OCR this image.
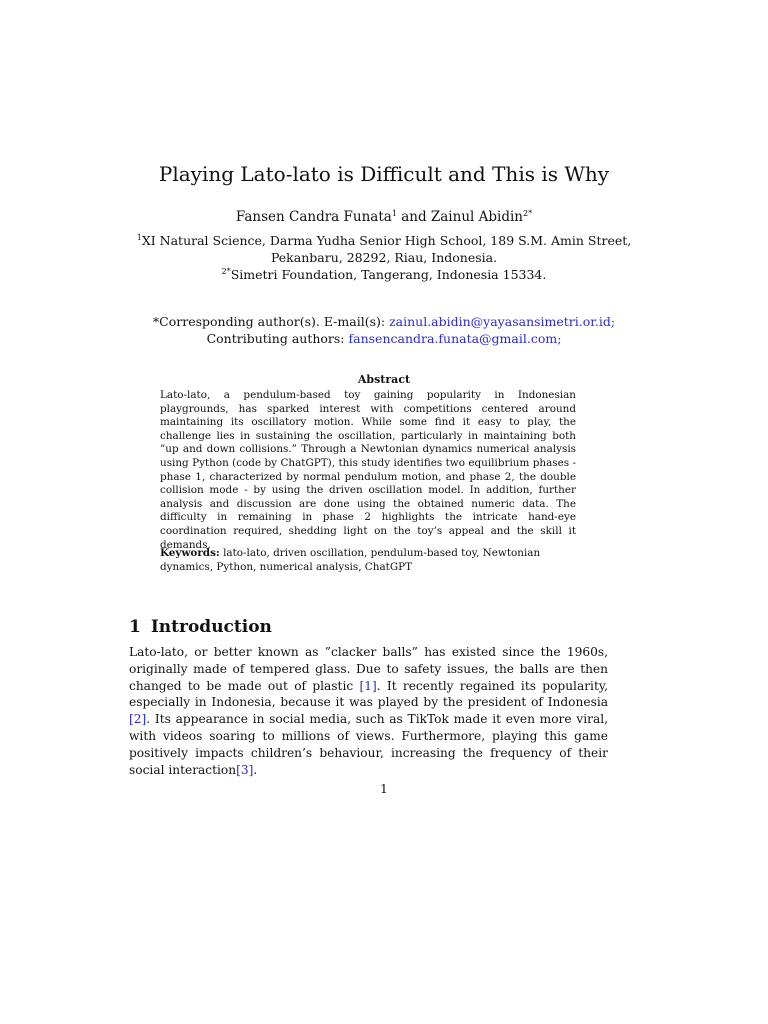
Playing Lato-lato is Difficult and This is Why
Fansen Candra Funata$^1$ and Zainul Abidin$^{2*}$

$^1$XI Natural Science, Darma Yudha Senior High School, 189 S.M. Amin Street, Pekanbaru, 28292, Riau, Indonesia.

$^{2*}$Simetri Foundation, Tangerang, Indonesia 15334.

*Corresponding author(s). E-mail(s): zainul.abidin@yayasansimetri.or.id;

Contributing authors: fansencandra.funata@gmail.com;

Abstract

Lato-lato, a pendulum-based toy gaining popularity in Indonesian playgrounds, has sparked interest with competitions centered around maintaining its oscillatory motion. While some find it easy to play, the challenge lies in sustaining the oscillation, particularly in maintaining both ”up and down collisions.” Through a Newtonian dynamics numerical analysis using Python (code by ChatGPT), this study identifies two equilibrium phases - phase 1, characterized by normal pendulum motion, and phase 2, the double collision mode - by using the driven oscillation model. In addition, further analysis and discussion are done using the obtained numeric data. The difficulty in remaining in phase 2 highlights the intricate hand-eye coordination required, shedding light on the toy’s appeal and the skill it demands.

Keywords: lato-lato, driven oscillation, pendulum-based toy, Newtonian dynamics, Python, numerical analysis, ChatGPT

1 Introduction

Lato-lato, or better known as ”clacker balls” has existed since the 1960s, originally made of tempered glass. Due to safety issues, the balls are then changed to be made out of plastic [1]. It recently regained its popularity, especially in Indonesia, because it was played by the president of Indonesia [2]. Its appearance in social media, such as TikTok made it even more viral, with videos soaring to millions of views. Furthermore, playing this game positively impacts children’s behaviour, increasing the frequency of their social interaction[3].

1
